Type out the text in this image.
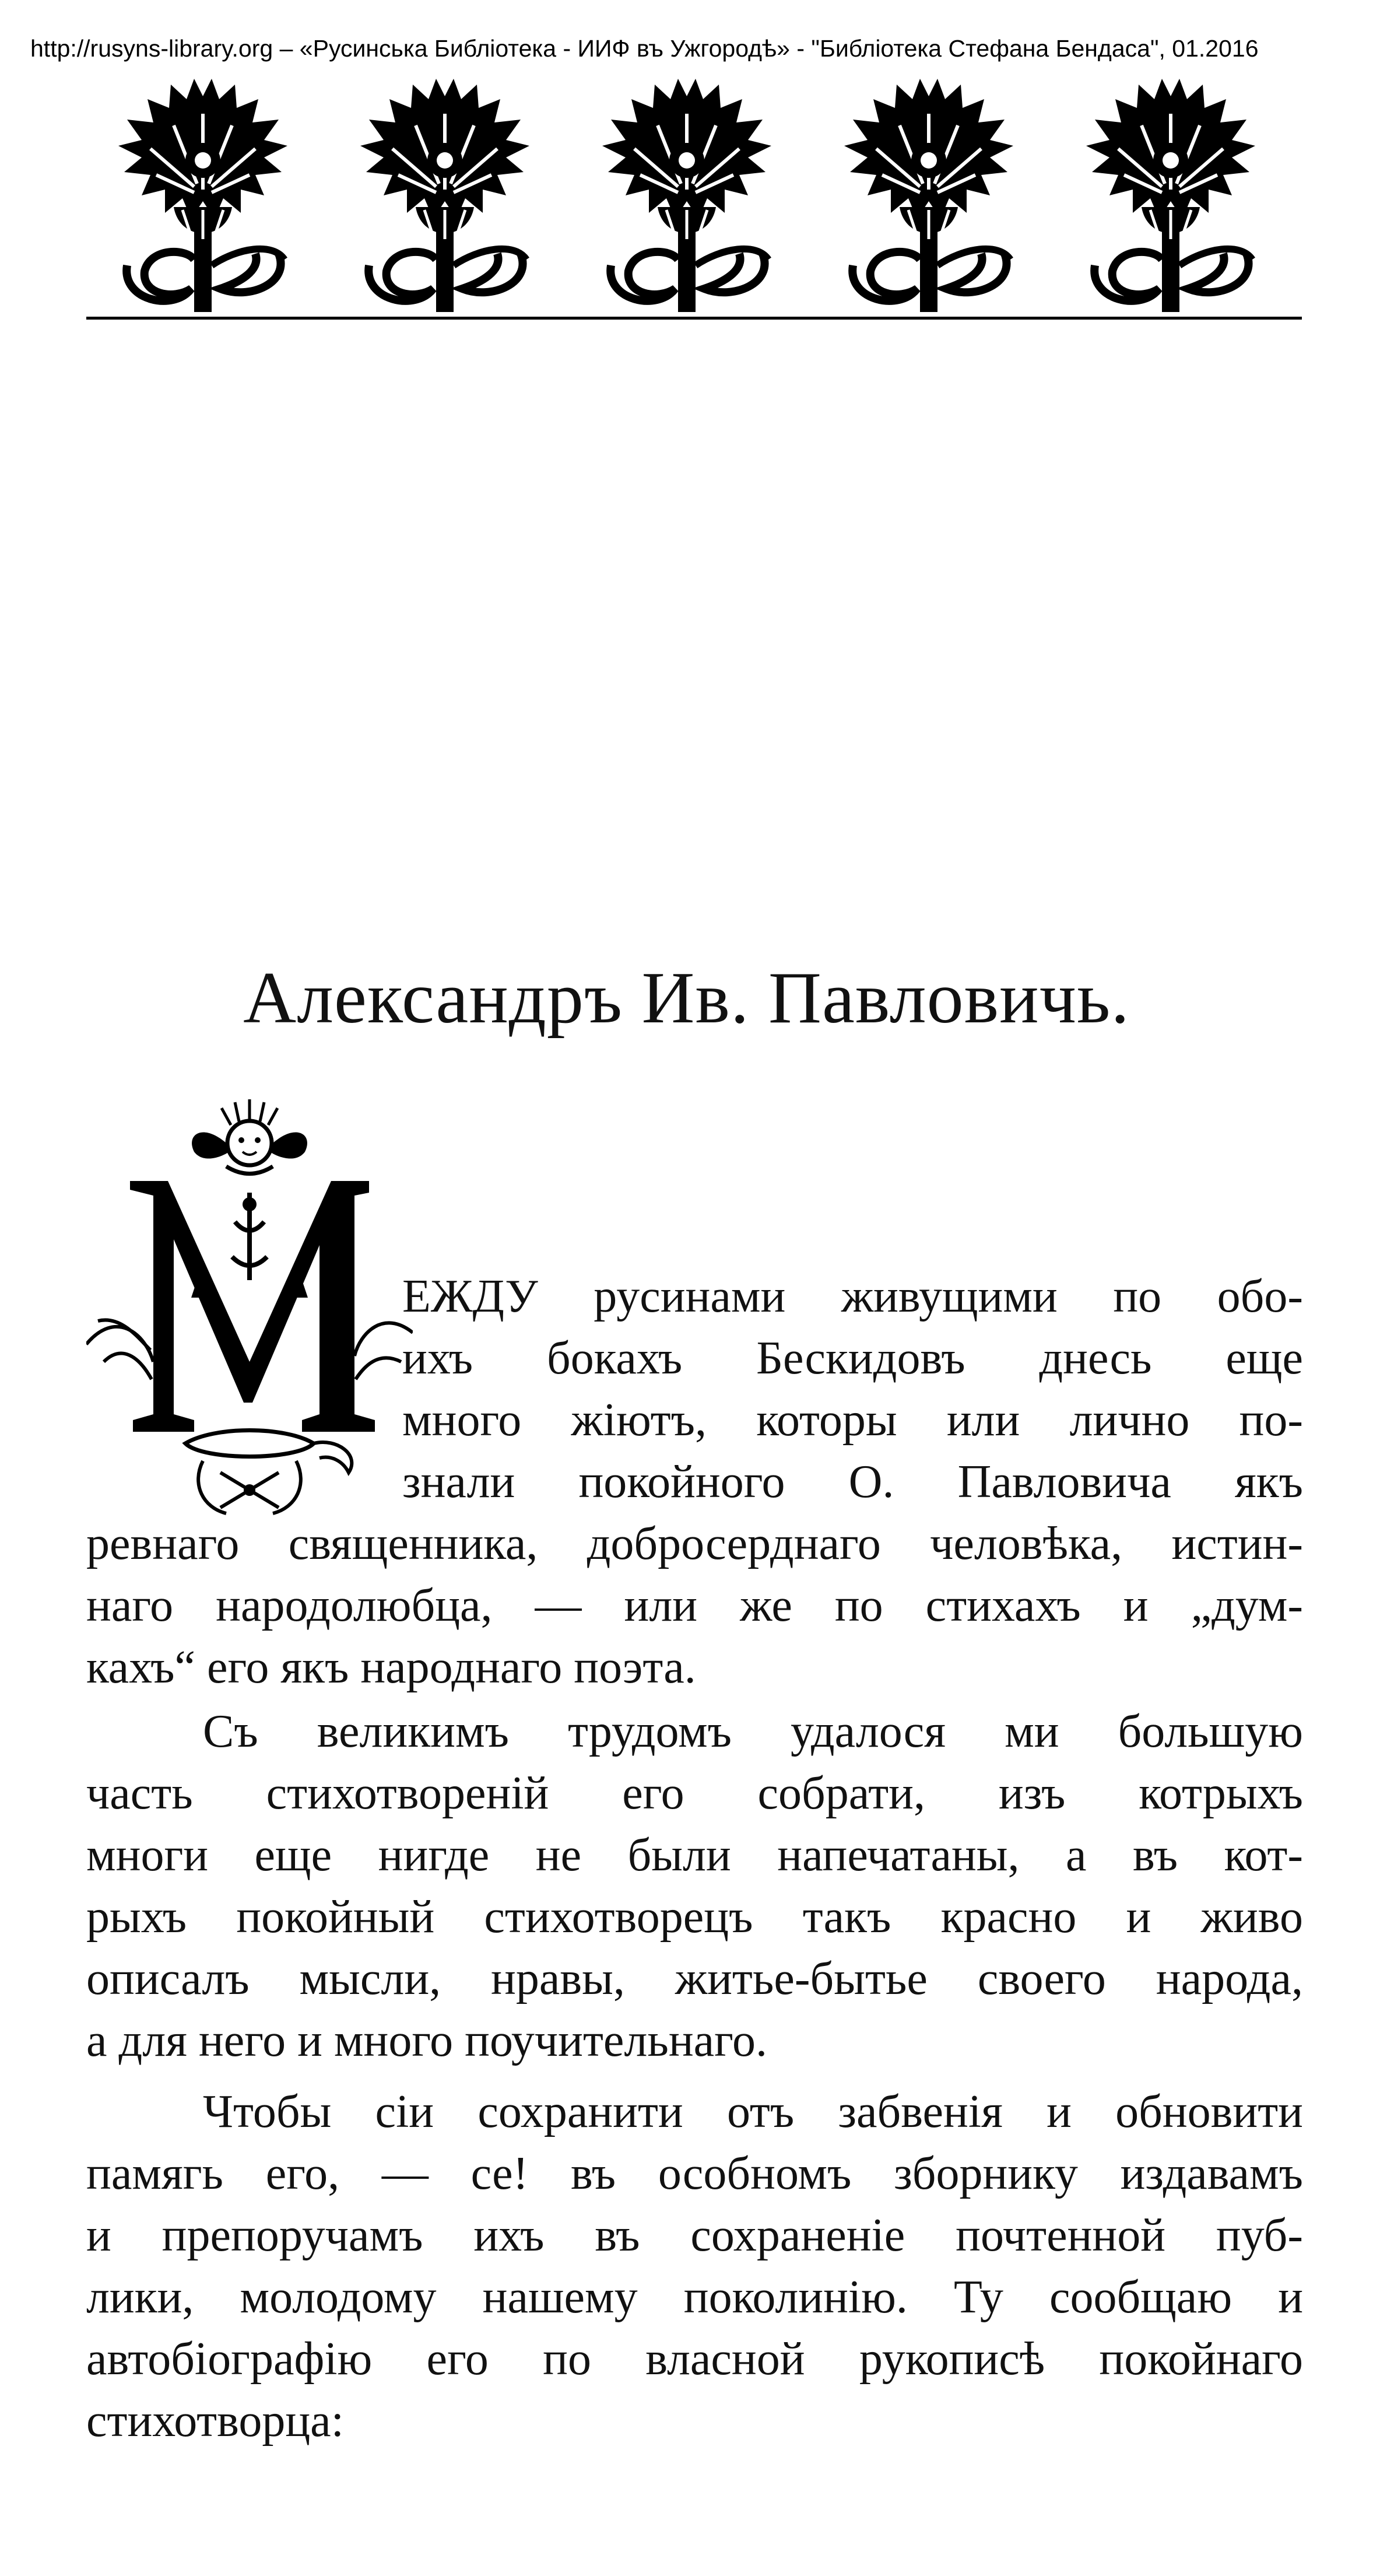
http://rusyns-library.org – «Русинська Библіотека - ИИФ въ Ужгородѣ» - "Библіотека Стефана Бендаса", 01.2016
Александръ Ив. Павловичь.
ЕЖДУ русинами живущими по обо-
ихъ бокахъ Бескидовъ днесь еще
много жіютъ, которы или лично по-
знали покойного О. Павловича якъ
ревнаго священника, добросерднаго человѣка, истин-
наго народолюбца, — или же по стихахъ и „дум-
кахъ“ его якъ народнаго поэта.
Съ великимъ трудомъ удалося ми большую
часть стихотвореній его собрати, изъ котрыхъ
многи еще нигде не были напечатаны, а въ кот-
рыхъ покойный стихотворецъ такъ красно и живо
описалъ мысли, нравы, житье-бытье своего народа,
а для него и много поучительнаго.
Чтобы сіи сохранити отъ забвенія и обновити
памягь его, — се! въ особномъ зборнику издавамъ
и препоручамъ ихъ въ сохраненіе почтенной пуб-
лики, молодому нашему поколинію. Ту сообщаю и
автобіографію его по власной рукописѣ покойнаго
стихотворца:
